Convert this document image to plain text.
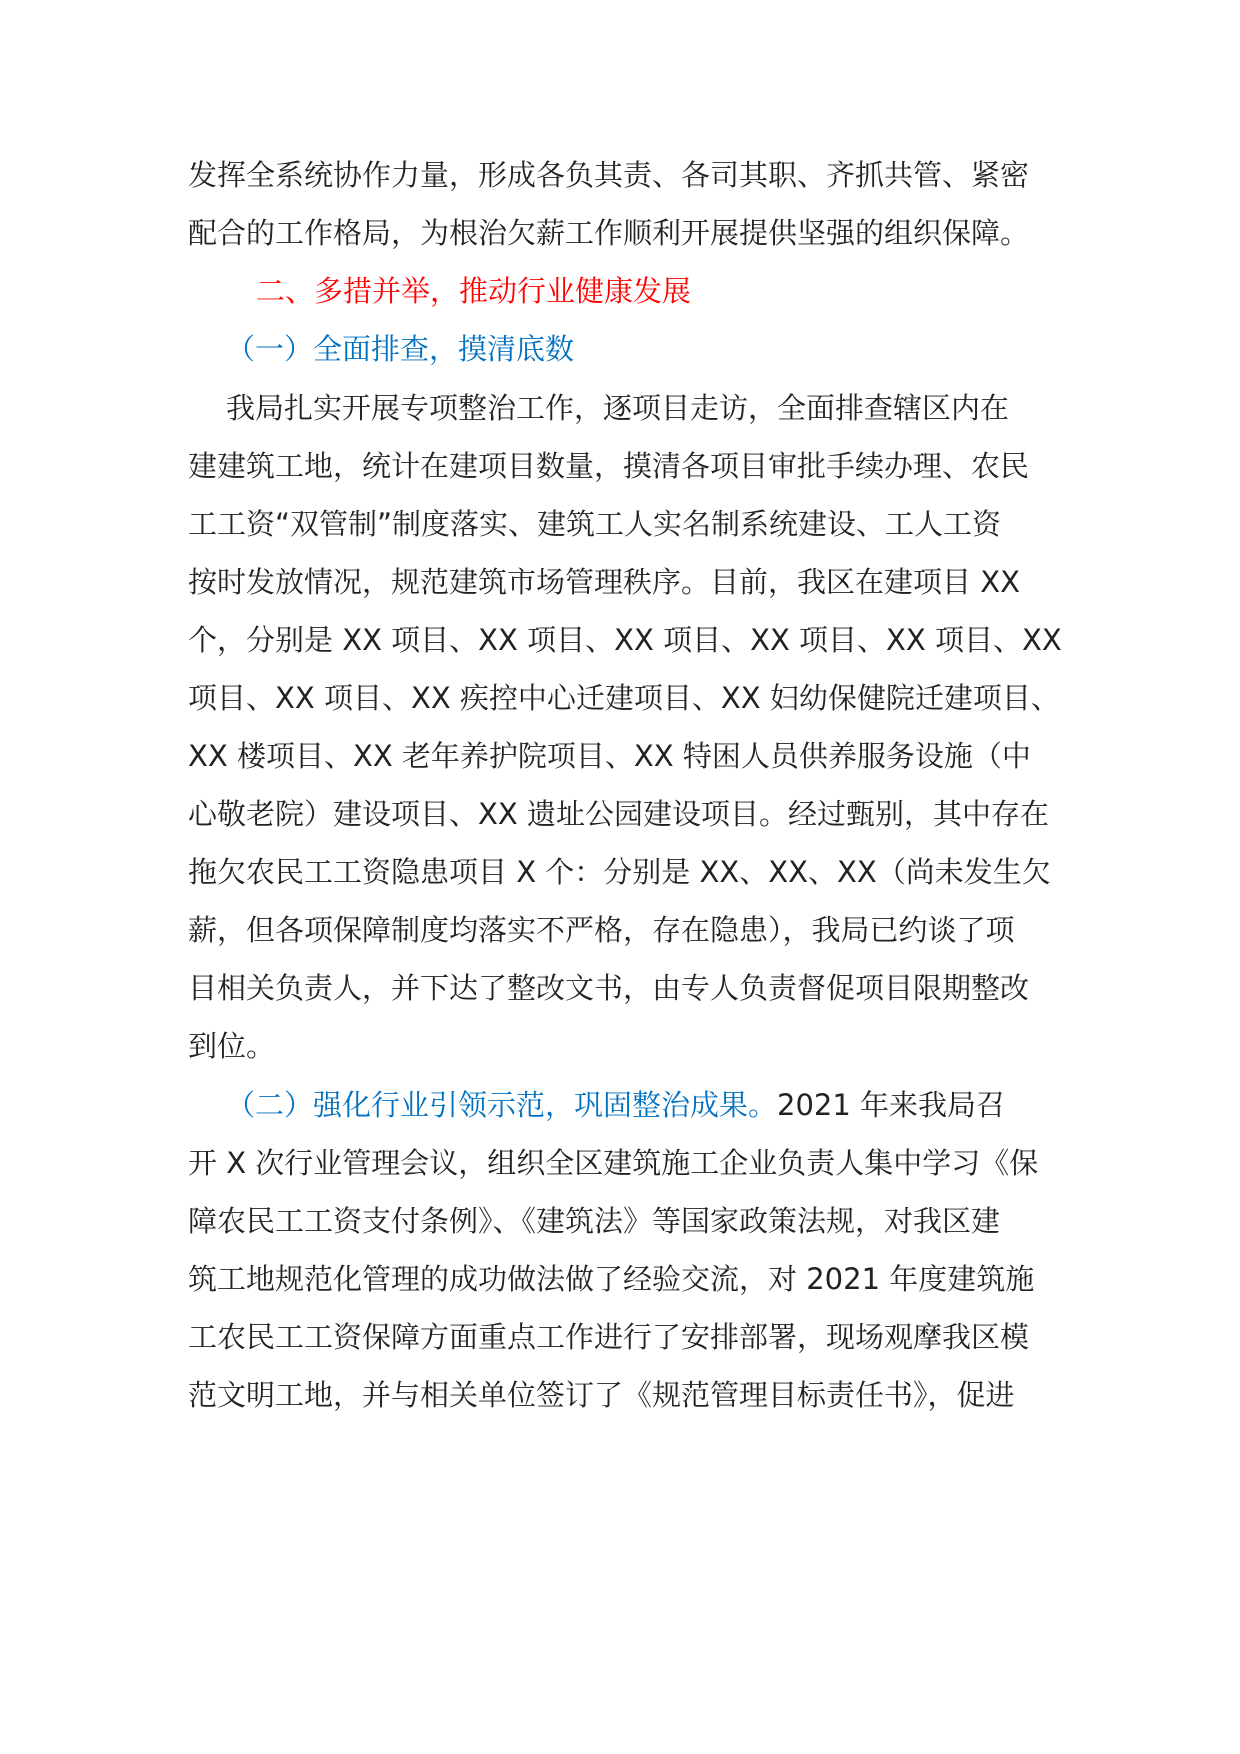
发挥全系统协作力量，形成各负其责、各司其职、齐抓共管、紧密
配合的工作格局，为根治欠薪工作顺利开展提供坚强的组织保障。
二、多措并举，推动行业健康发展
（一）全面排查，摸清底数
我局扎实开展专项整治工作，逐项目走访，全面排查辖区内在
建建筑工地，统计在建项目数量，摸清各项目审批手续办理、农民
工工资“双管制”制度落实、建筑工人实名制系统建设、工人工资
按时发放情况，规范建筑市场管理秩序。目前，我区在建项目 XX
个，分别是 XX 项目、XX 项目、XX 项目、XX 项目、XX 项目、XX
项目、XX 项目、XX 疾控中心迁建项目、XX 妇幼保健院迁建项目、
XX 楼项目、XX 老年养护院项目、XX 特困人员供养服务设施（中
心敬老院）建设项目、XX 遗址公园建设项目。经过甄别，其中存在
拖欠农民工工资隐患项目 X 个：分别是 XX、XX、XX（尚未发生欠
薪，但各项保障制度均落实不严格，存在隐患），我局已约谈了项
目相关负责人，并下达了整改文书，由专人负责督促项目限期整改
到位。
（二）强化行业引领示范，巩固整治成果。2021 年来我局召
开 X 次行业管理会议，组织全区建筑施工企业负责人集中学习《保
障农民工工资支付条例》、《建筑法》等国家政策法规，对我区建
筑工地规范化管理的成功做法做了经验交流，对 2021 年度建筑施
工农民工工资保障方面重点工作进行了安排部署，现场观摩我区模
范文明工地，并与相关单位签订了《规范管理目标责任书》，促进
